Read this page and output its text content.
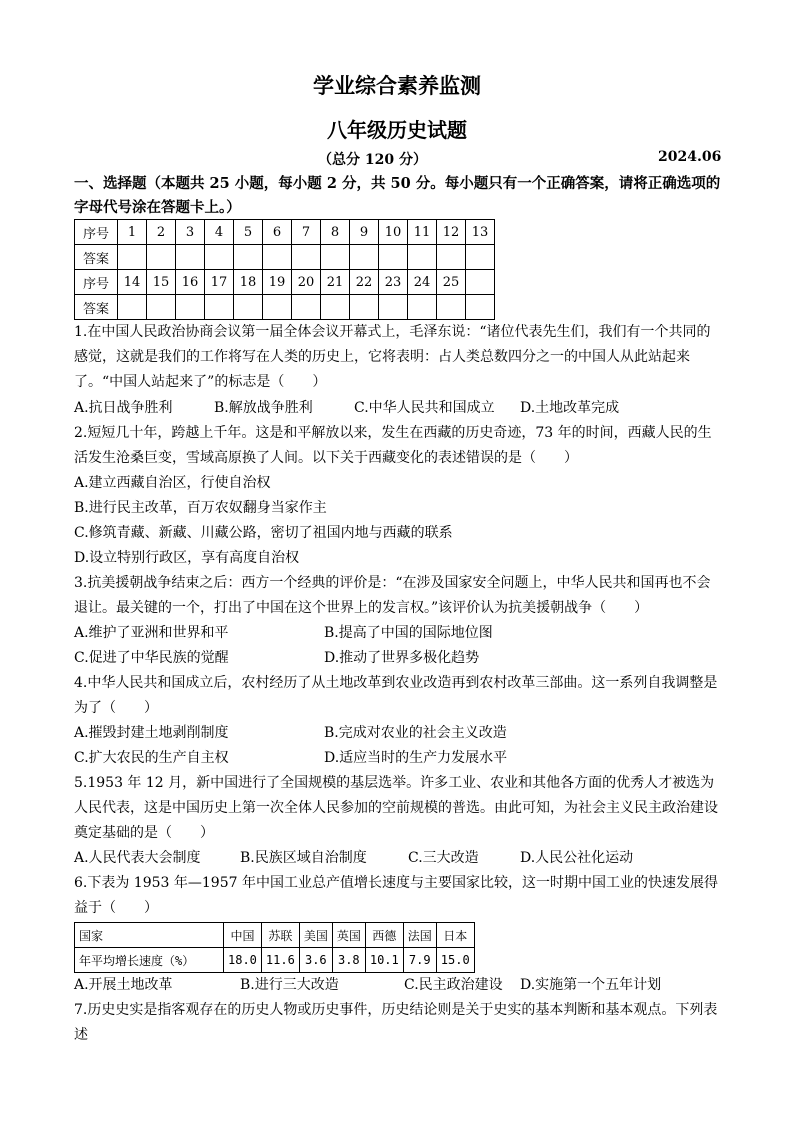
学业综合素养监测
八年级历史试题
（总分 120 分）	2024.06
一、选择题（本题共 25 小题，每小题 2 分，共 50 分。每小题只有一个正确答案，请将正确选项的字母代号涂在答题卡上。）
序号	1	2	3	4	5	6	7	8	9	10	11	12	13
答案													
序号	14	15	16	17	18	19	20	21	22	23	24	25	
答案													
1.在中国人民政治协商会议第一届全体会议开幕式上，毛泽东说：“诸位代表先生们，我们有一个共同的感觉，这就是我们的工作将写在人类的历史上，它将表明：占人类总数四分之一的中国人从此站起来了。“中国人站起来了”的标志是（　　）
A.抗日战争胜利	B.解放战争胜利	C.中华人民共和国成立 D.土地改革完成
2.短短几十年，跨越上千年。这是和平解放以来，发生在西藏的历史奇迹，73 年的时间，西藏人民的生活发生沧桑巨变，雪域高原换了人间。以下关于西藏变化的表述错误的是（　　）
A.建立西藏自治区，行使自治权
B.进行民主改革，百万农奴翻身当家作主
C.修筑青藏、新藏、川藏公路，密切了祖国内地与西藏的联系
D.设立特别行政区，享有高度自治权
3.抗美援朝战争结束之后：西方一个经典的评价是：“在涉及国家安全问题上，中华人民共和国再也不会退让。最关键的一个，打出了中国在这个世界上的发言权。”该评价认为抗美援朝战争（　　）
A.维护了亚洲和世界和平	B.提高了中国的国际地位图
C.促进了中华民族的觉醒	D.推动了世界多极化趋势
4.中华人民共和国成立后，农村经历了从土地改革到农业改造再到农村改革三部曲。这一系列自我调整是为了（　　）
A.摧毁封建土地剥削制度	B.完成对农业的社会主义改造
C.扩大农民的生产自主权	D.适应当时的生产力发展水平
5.1953 年 12 月，新中国进行了全国规模的基层选举。许多工业、农业和其他各方面的优秀人才被选为人民代表，这是中国历史上第一次全体人民参加的空前规模的普选。由此可知，为社会主义民主政治建设奠定基础的是（　　）
A.人民代表大会制度	B.民族区域自治制度	C.三大改造	D.人民公社化运动
6.下表为 1953 年—1957 年中国工业总产值增长速度与主要国家比较，这一时期中国工业的快速发展得益于（　　）
国家	中国	苏联	美国	英国	西德	法国	日本
年平均增长速度（%）	18.0	11.6	3.6	3.8	10.1	7.9	15.0
A.开展土地改革	B.进行三大改造	C.民主政治建设 D.实施第一个五年计划
7.历史史实是指客观存在的历史人物或历史事件，历史结论则是关于史实的基本判断和基本观点。下列表述
